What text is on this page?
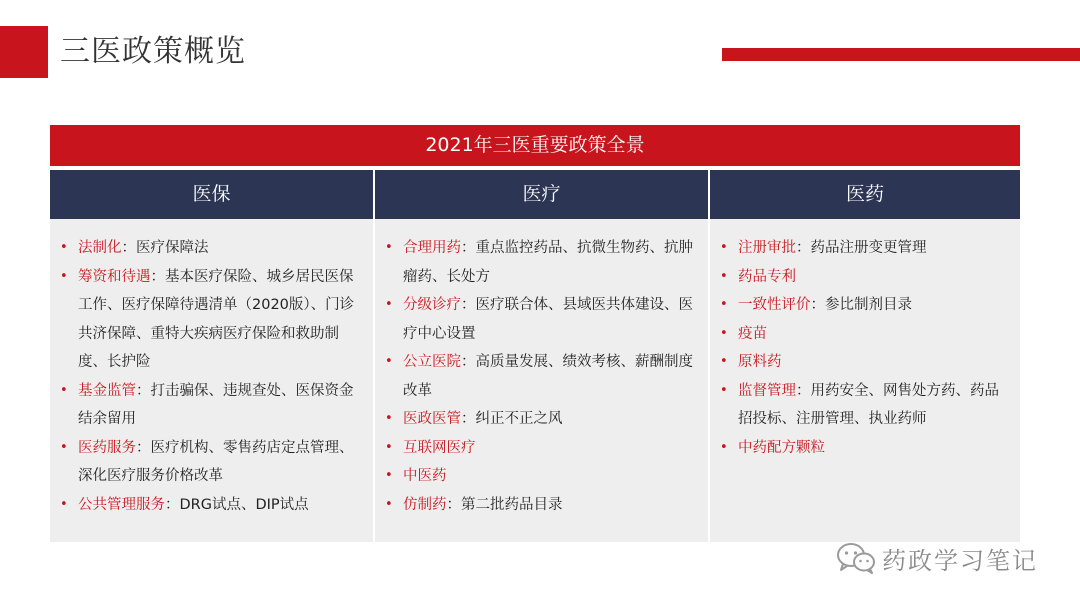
三医政策概览
2021年三医重要政策全景
医保	医疗	医药
• 法制化：医疗保障法
• 筹资和待遇：基本医疗保险、城乡居民医保工作、医疗保障待遇清单（2020版）、门诊共济保障、重特大疾病医疗保险和救助制度、长护险
• 基金监管：打击骗保、违规查处、医保资金结余留用
• 医药服务：医疗机构、零售药店定点管理、深化医疗服务价格改革
• 公共管理服务：DRG试点、DIP试点
• 合理用药：重点监控药品、抗微生物药、抗肿瘤药、长处方
• 分级诊疗：医疗联合体、县域医共体建设、医疗中心设置
• 公立医院：高质量发展、绩效考核、薪酬制度改革
• 医政医管：纠正不正之风
• 互联网医疗
• 中医药
• 仿制药：第二批药品目录
• 注册审批：药品注册变更管理
• 药品专利
• 一致性评价：参比制剂目录
• 疫苗
• 原料药
• 监督管理：用药安全、网售处方药、药品招投标、注册管理、执业药师
• 中药配方颗粒
药政学习笔记
